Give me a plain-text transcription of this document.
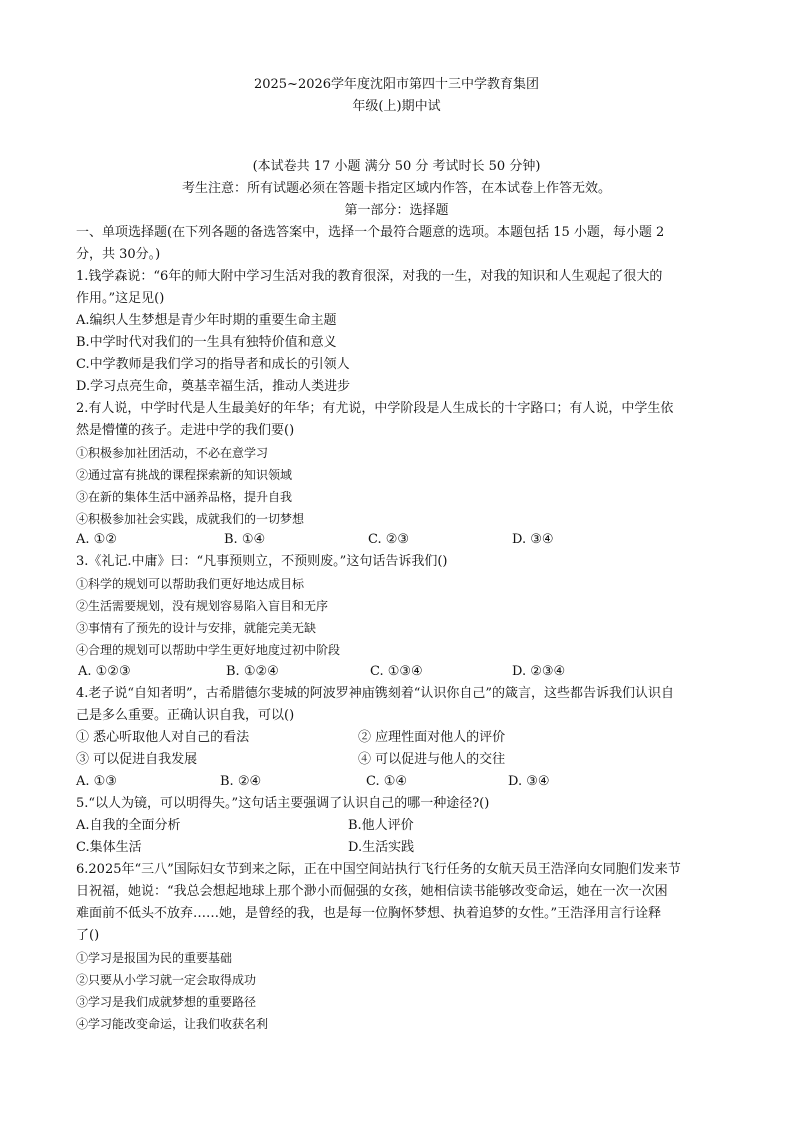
2025~2026学年度沈阳市第四十三中学教育集团
年级(上)期中试
(本试卷共 17 小题 满分 50 分 考试时长 50 分钟)
考生注意：所有试题必须在答题卡指定区域内作答，在本试卷上作答无效。
第一部分：选择题
一、单项选择题(在下列各题的备选答案中，选择一个最符合题意的选项。本题包括 15 小题，每小题 2
分，共 30分。)
1.钱学森说：“6年的师大附中学习生活对我的教育很深，对我的一生，对我的知识和人生观起了很大的
作用。”这足见()
A.编织人生梦想是青少年时期的重要生命主题
B.中学时代对我们的一生具有独特价值和意义
C.中学教师是我们学习的指导者和成长的引领人
D.学习点亮生命，奠基幸福生活，推动人类进步
2.有人说，中学时代是人生最美好的年华；有尤说，中学阶段是人生成长的十字路口；有人说，中学生依
然是懵懂的孩子。走进中学的我们要()
①积极参加社团活动，不必在意学习
②通过富有挑战的课程探索新的知识领域
③在新的集体生活中涵养品格，提升自我
④积极参加社会实践，成就我们的一切梦想
A. ①②	B. ①④	C. ②③	D. ③④
3.《礼记.中庸》曰：“凡事预则立，不预则废。”这句话告诉我们()
①科学的规划可以帮助我们更好地达成目标
②生活需要规划，没有规划容易陷入盲目和无序
③事情有了预先的设计与安排，就能完美无缺
④合理的规划可以帮助中学生更好地度过初中阶段
A. ①②③	B. ①②④	C. ①③④	D. ②③④
4.老子说“自知者明”，古希腊德尔斐城的阿波罗神庙镌刻着“认识你自己”的箴言，这些都告诉我们认识自
己是多么重要。正确认识自我，可以()
① 悉心听取他人对自己的看法	② 应理性面对他人的评价
③ 可以促进自我发展	④ 可以促进与他人的交往
A. ①③	B. ②④	C. ①④	D. ③④
5.“以人为镜，可以明得失。”这句话主要强调了认识自己的哪一种途径?()
A.自我的全面分析	B.他人评价
C.集体生活	D.生活实践
6.2025年“三八”国际妇女节到来之际，正在中国空间站执行飞行任务的女航天员王浩泽向女同胞们发来节
日祝福，她说：“我总会想起地球上那个渺小而倔强的女孩，她相信读书能够改变命运，她在一次一次困
难面前不低头不放弃……她，是曾经的我，也是每一位胸怀梦想、执着追梦的女性。”王浩泽用言行诠释
了()
①学习是报国为民的重要基础
②只要从小学习就一定会取得成功
③学习是我们成就梦想的重要路径
④学习能改变命运，让我们收获名利
